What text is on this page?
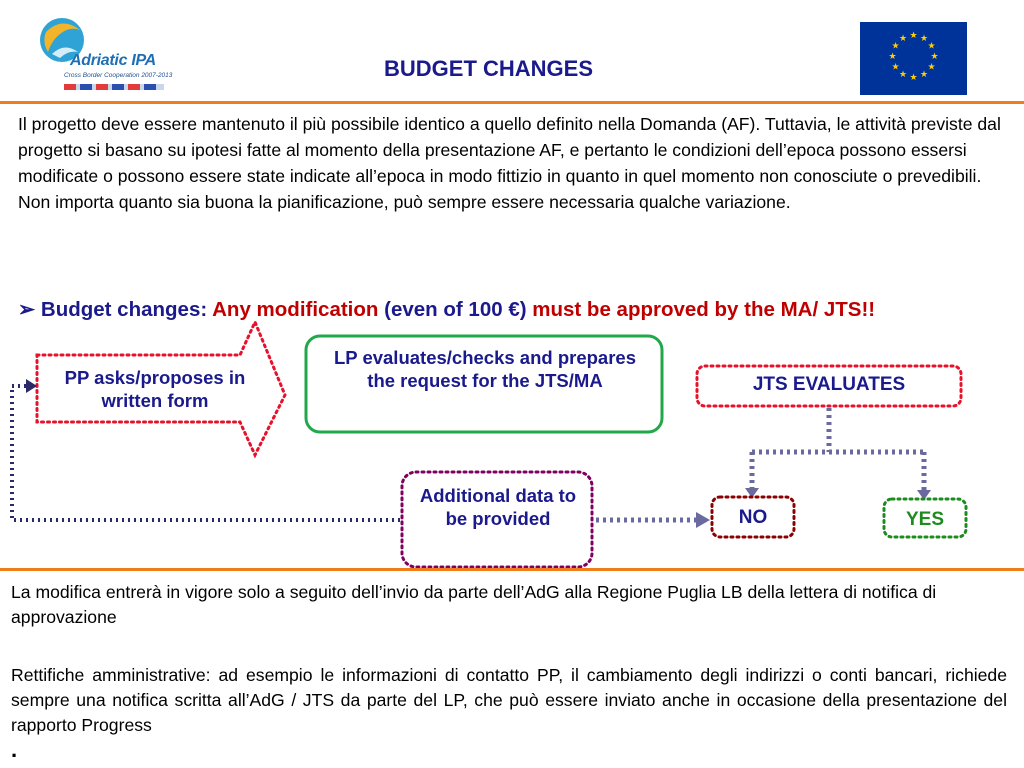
Adriatic IPA
Cross Border Cooperation 2007-2013	BUDGET CHANGES
★ ★
★
★
★
★
★
★
★
★
★
★

Il progetto deve essere mantenuto il più possibile identico a quello definito nella Domanda (AF). Tuttavia, le attività previste dal progetto si basano su ipotesi fatte al momento della presentazione AF, e pertanto le condizioni dell’epoca possono essersi modificate o possono essere state indicate all’epoca in modo fittizio in quanto in quel momento non conosciute o prevedibili.

Non importa quanto sia buona la pianificazione, può sempre essere necessaria qualche variazione.

➢ Budget changes: Any modification (even of 100 €) must be approved by the MA/ JTS!!
PP asks/proposes in written form
LP evaluates/checks and prepares the request for the JTS/MA	JTS EVALUATES
Additional data to be provided	NO	YES
La modifica entrerà in vigore solo a seguito dell’invio da parte dell’AdG alla Regione Puglia LB della lettera di notifica di approvazione
Rettifiche amministrative: ad esempio le informazioni di contatto PP, il cambiamento degli indirizzi o conti bancari, richiede sempre una notifica scritta all’AdG / JTS da parte del LP, che può essere inviato anche in occasione della presentazione del rapporto Progress
.
